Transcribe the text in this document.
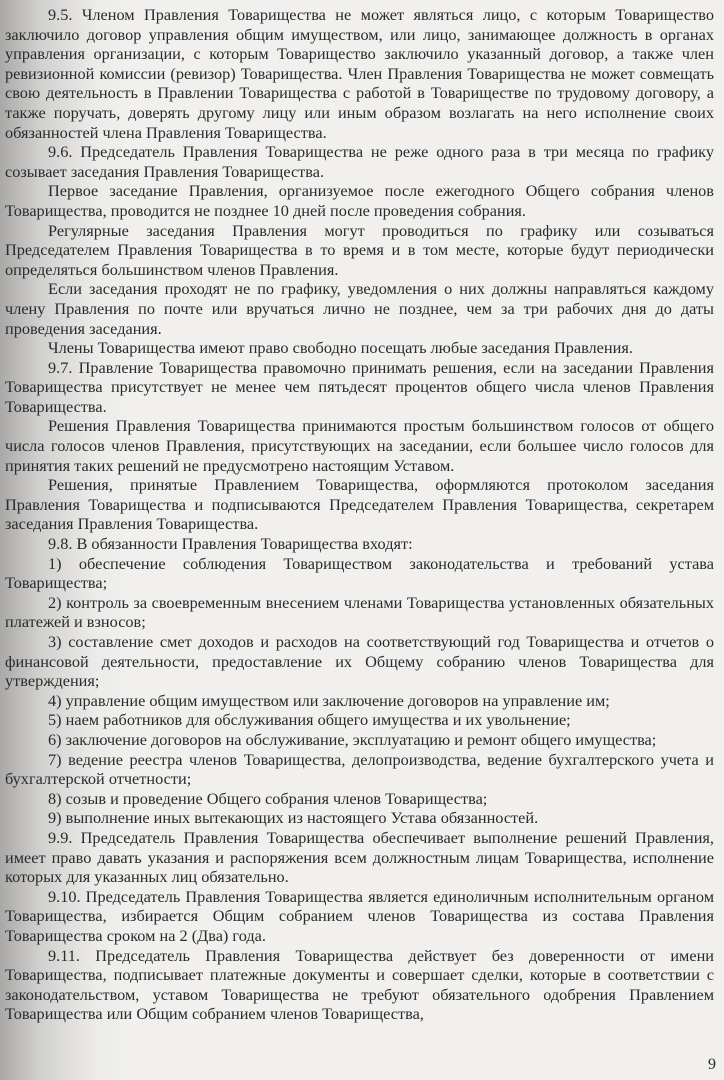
9.5. Членом Правления Товарищества не может являться лицо, с которым Товарищество заключило договор управления общим имуществом, или лицо, занимающее должность в органах управления организации, с которым Товарищество заключило указанный договор, а также член ревизионной комиссии (ревизор) Товарищества. Член Правления Товарищества не может совмещать свою деятельность в Правлении Товарищества с работой в Товариществе по трудовому договору, а также поручать, доверять другому лицу или иным образом возлагать на него исполнение своих обязанностей члена Правления Товарищества.

9.6. Председатель Правления Товарищества не реже одного раза в три месяца по графику созывает заседания Правления Товарищества.

Первое заседание Правления, организуемое после ежегодного Общего собрания членов Товарищества, проводится не позднее 10 дней после проведения собрания.

Регулярные заседания Правления могут проводиться по графику или созываться Председателем Правления Товарищества в то время и в том месте, которые будут периодически определяться большинством членов Правления.

Если заседания проходят не по графику, уведомления о них должны направляться каждому члену Правления по почте или вручаться лично не позднее, чем за три рабочих дня до даты проведения заседания.

Члены Товарищества имеют право свободно посещать любые заседания Правления.

9.7. Правление Товарищества правомочно принимать решения, если на заседании Правления Товарищества присутствует не менее чем пятьдесят процентов общего числа членов Правления Товарищества.

Решения Правления Товарищества принимаются простым большинством голосов от общего числа голосов членов Правления, присутствующих на заседании, если большее число голосов для принятия таких решений не предусмотрено настоящим Уставом.

Решения, принятые Правлением Товарищества, оформляются протоколом заседания Правления Товарищества и подписываются Председателем Правления Товарищества, секретарем заседания Правления Товарищества.

9.8. В обязанности Правления Товарищества входят:

1) обеспечение соблюдения Товариществом законодательства и требований устава Товарищества;

2) контроль за своевременным внесением членами Товарищества установленных обязательных платежей и взносов;

3) составление смет доходов и расходов на соответствующий год Товарищества и отчетов о финансовой деятельности, предоставление их Общему собранию членов Товарищества для утверждения;

4) управление общим имуществом или заключение договоров на управление им;

5) наем работников для обслуживания общего имущества и их увольнение;

6) заключение договоров на обслуживание, эксплуатацию и ремонт общего имущества;

7) ведение реестра членов Товарищества, делопроизводства, ведение бухгалтерского учета и бухгалтерской отчетности;

8) созыв и проведение Общего собрания членов Товарищества;

9) выполнение иных вытекающих из настоящего Устава обязанностей.

9.9. Председатель Правления Товарищества обеспечивает выполнение решений Правления, имеет право давать указания и распоряжения всем должностным лицам Товарищества, исполнение которых для указанных лиц обязательно.

9.10. Председатель Правления Товарищества является единоличным исполнительным органом Товарищества, избирается Общим собранием членов Товарищества из состава Правления Товарищества сроком на 2 (Два) года.

9.11. Председатель Правления Товарищества действует без доверенности от имени Товарищества, подписывает платежные документы и совершает сделки, которые в соответствии с законодательством, уставом Товарищества не требуют обязательного одобрения Правлением Товарищества или Общим собранием членов Товарищества,

9
